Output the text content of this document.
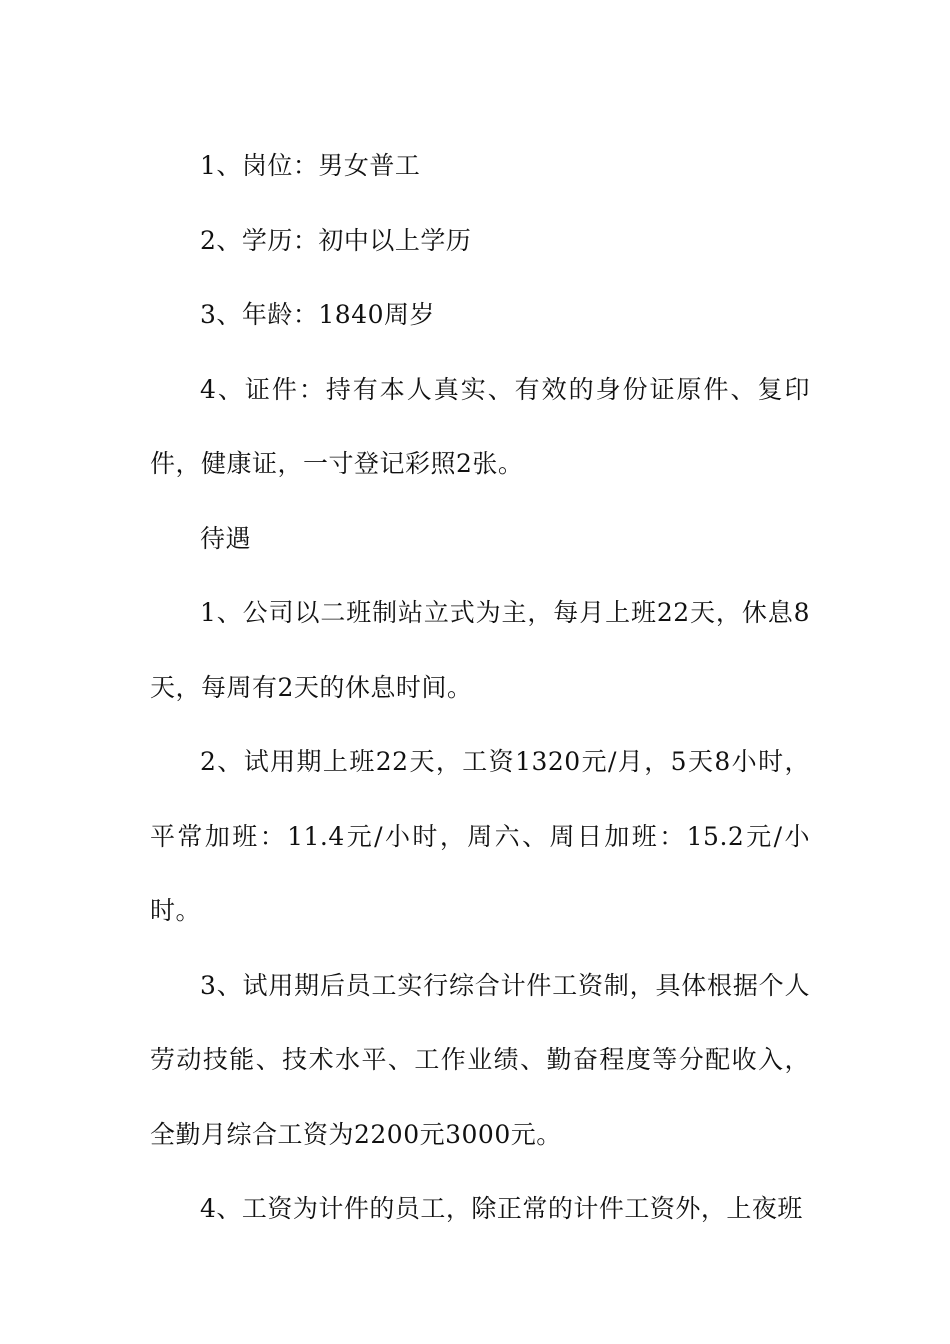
1、岗位：男女普工

2、学历：初中以上学历

3、年龄：1840周岁

4、证件：持有本人真实、有效的身份证原件、复印件，健康证，一寸登记彩照2张。

待遇

1、公司以二班制站立式为主，每月上班22天，休息8天，每周有2天的休息时间。

2、试用期上班22天，工资1320元/月，5天8小时，平常加班：11.4元/小时，周六、周日加班：15.2元/小时。

3、试用期后员工实行综合计件工资制，具体根据个人劳动技能、技术水平、工作业绩、勤奋程度等分配收入，全勤月综合工资为2200元3000元。

4、工资为计件的员工，除正常的计件工资外，上夜班
